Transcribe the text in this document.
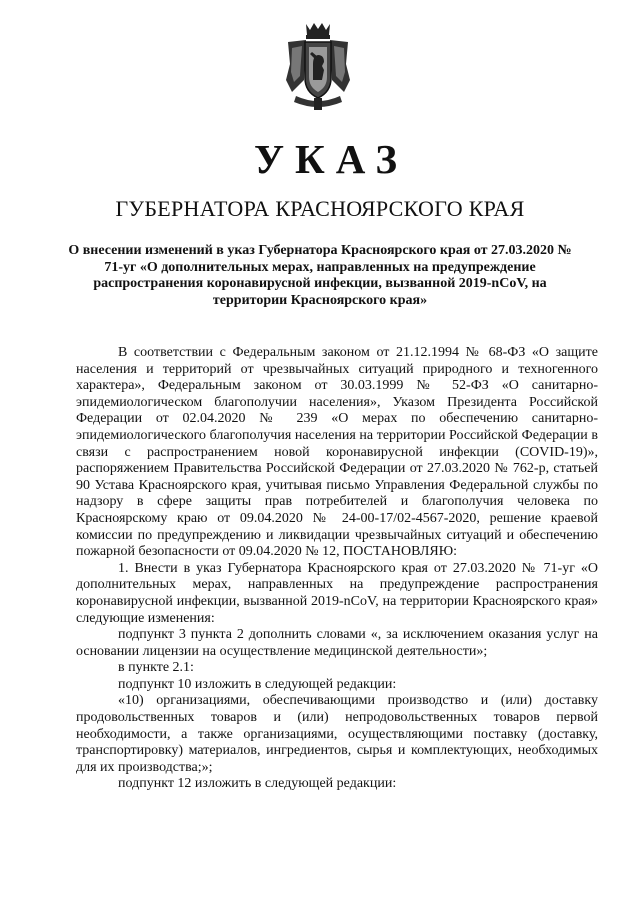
УКАЗ
ГУБЕРНАТОРА КРАСНОЯРСКОГО КРАЯ

О внесении изменений в указ Губернатора Красноярского края от 27.03.2020 № 71-уг «О дополнительных мерах, направленных на предупреждение распространения коронавирусной инфекции, вызванной 2019-nCoV, на территории Красноярского края»

В соответствии с Федеральным законом от 21.12.1994 № 68-ФЗ «О защите населения и территорий от чрезвычайных ситуаций природного и техногенного характера», Федеральным законом от 30.03.1999 № 52-ФЗ «О санитарно-эпидемиологическом благополучии населения», Указом Президента Российской Федерации от 02.04.2020 № 239 «О мерах по обеспечению санитарно-эпидемиологического благополучия населения на территории Российской Федерации в связи с распространением новой коронавирусной инфекции (COVID-19)», распоряжением Правительства Российской Федерации от 27.03.2020 № 762-р, статьей 90 Устава Красноярского края, учитывая письмо Управления Федеральной службы по надзору в сфере защиты прав потребителей и благополучия человека по Красноярскому краю от 09.04.2020 № 24-00-17/02-4567-2020, решение краевой комиссии по предупреждению и ликвидации чрезвычайных ситуаций и обеспечению пожарной безопасности от 09.04.2020 № 12, ПОСТАНОВЛЯЮ:

1. Внести в указ Губернатора Красноярского края от 27.03.2020 № 71-уг «О дополнительных мерах, направленных на предупреждение распространения коронавирусной инфекции, вызванной 2019-nCoV, на территории Красноярского края» следующие изменения:

подпункт 3 пункта 2 дополнить словами «, за исключением оказания услуг на основании лицензии на осуществление медицинской деятельности»;

в пункте 2.1:

подпункт 10 изложить в следующей редакции:

«10) организациями, обеспечивающими производство и (или) доставку продовольственных товаров и (или) непродовольственных товаров первой необходимости, а также организациями, осуществляющими поставку (доставку, транспортировку) материалов, ингредиентов, сырья и комплектующих, необходимых для их производства;»;

подпункт 12 изложить в следующей редакции:
